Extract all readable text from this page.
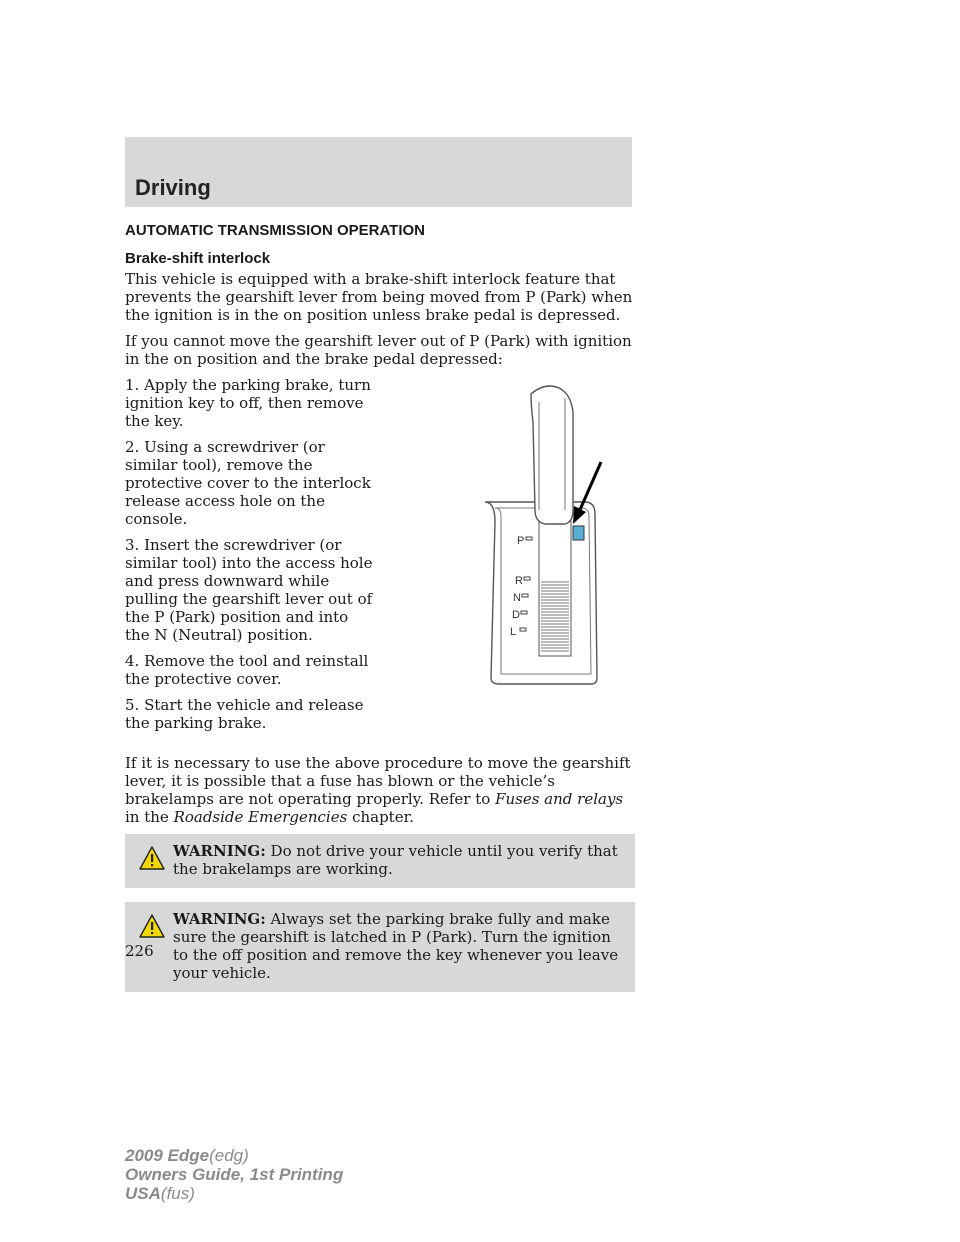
Driving
AUTOMATIC TRANSMISSION OPERATION
Brake-shift interlock

This vehicle is equipped with a brake-shift interlock feature that prevents the gearshift lever from being moved from P (Park) when the ignition is in the on position unless brake pedal is depressed.

If you cannot move the gearshift lever out of P (Park) with ignition in the on position and the brake pedal depressed:

1. Apply the parking brake, turn ignition key to off, then remove the key.

2. Using a screwdriver (or similar tool), remove the protective cover to the interlock release access hole on the console.

3. Insert the screwdriver (or similar tool) into the access hole and press downward while pulling the gearshift lever out of the P (Park) position and into the N (Neutral) position.

4. Remove the tool and reinstall the protective cover.

5. Start the vehicle and release the parking brake.

P
R
N
D
L

If it is necessary to use the above procedure to move the gearshift lever, it is possible that a fuse has blown or the vehicle’s brakelamps are not operating properly. Refer to Fuses and relays in the Roadside Emergencies chapter.

WARNING: Do not drive your vehicle until you verify that the brakelamps are working.
WARNING: Always set the parking brake fully and make sure the gearshift is latched in P (Park). Turn the ignition to the off position and remove the key whenever you leave your vehicle.
226
2009 Edge(edg)
Owners Guide, 1st Printing
USA(fus)
